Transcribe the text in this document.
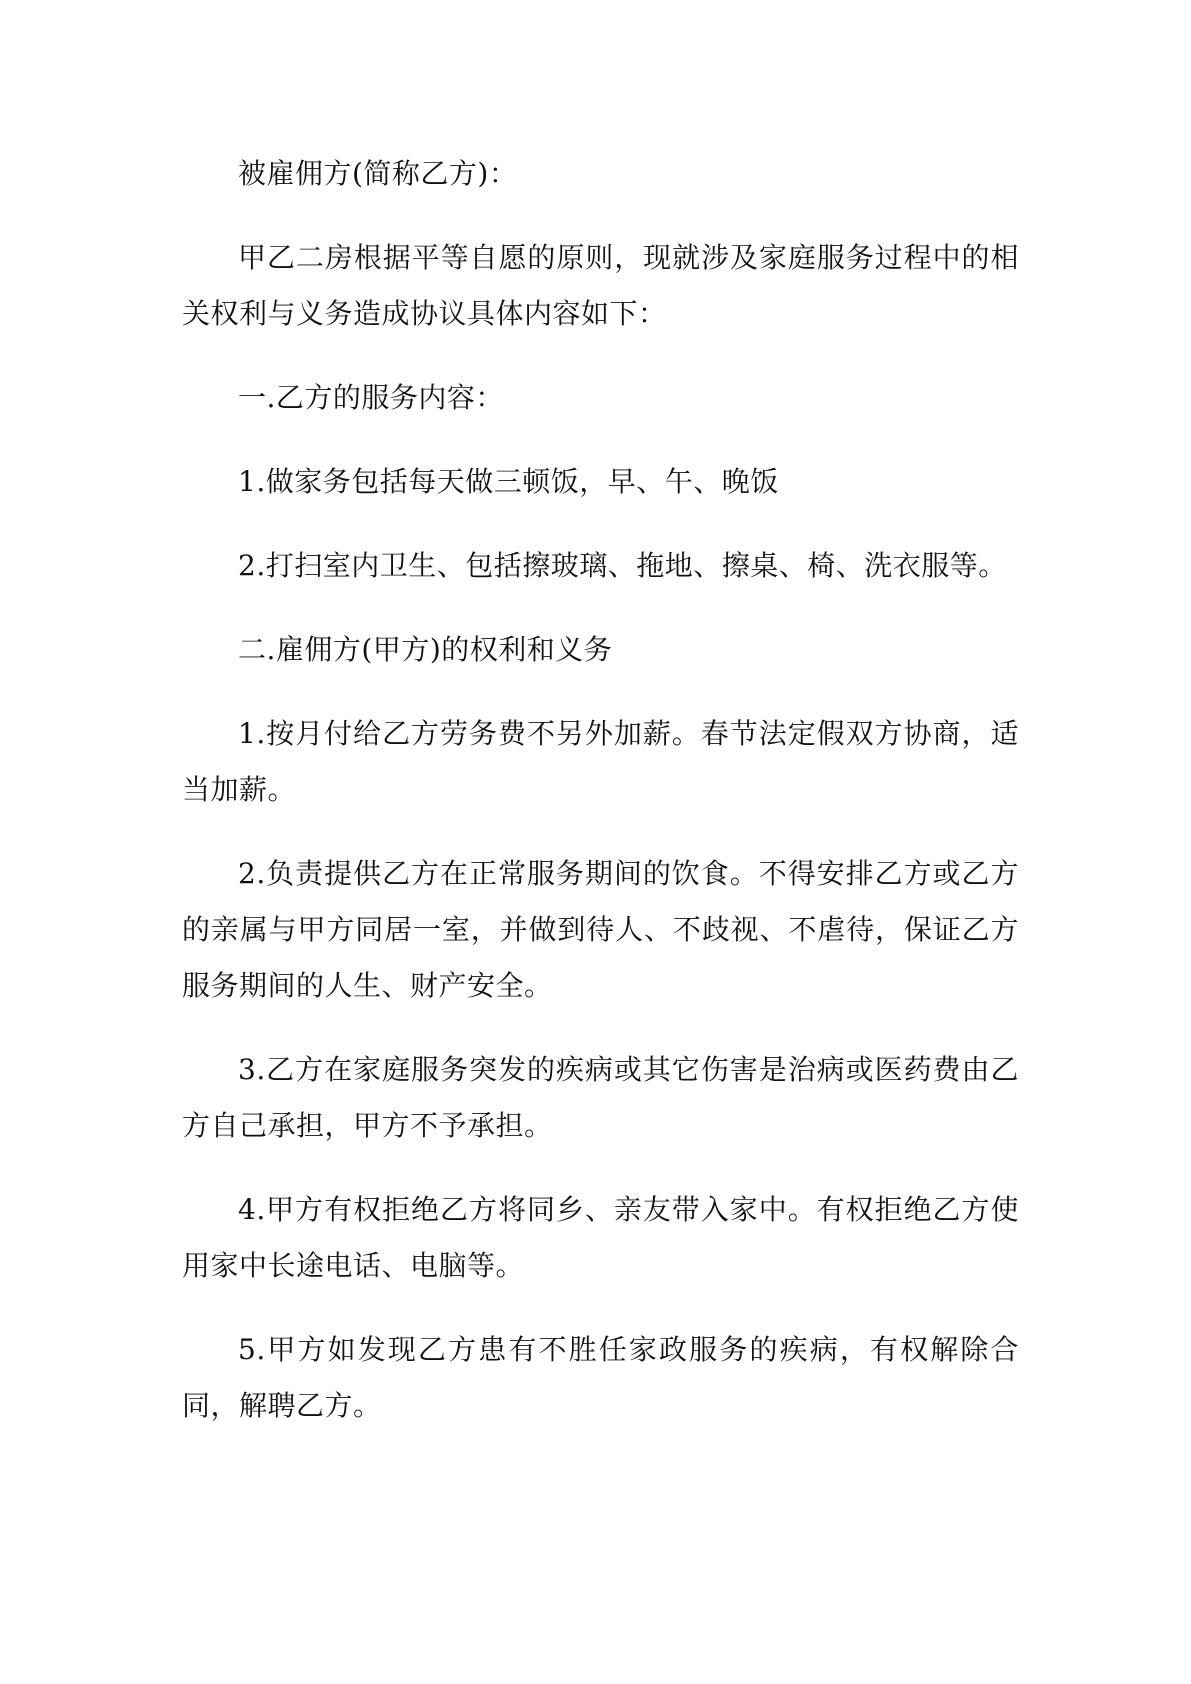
被雇佣方(简称乙方)：

甲乙二房根据平等自愿的原则，现就涉及家庭服务过程中的相关权利与义务造成协议具体内容如下：

一.乙方的服务内容：

1.做家务包括每天做三顿饭，早、午、晚饭

2.打扫室内卫生、包括擦玻璃、拖地、擦桌、椅、洗衣服等。

二.雇佣方(甲方)的权利和义务

1.按月付给乙方劳务费不另外加薪。春节法定假双方协商，适当加薪。

2.负责提供乙方在正常服务期间的饮食。不得安排乙方或乙方的亲属与甲方同居一室，并做到待人、不歧视、不虐待，保证乙方服务期间的人生、财产安全。

3.乙方在家庭服务突发的疾病或其它伤害是治病或医药费由乙方自己承担，甲方不予承担。

4.甲方有权拒绝乙方将同乡、亲友带入家中。有权拒绝乙方使用家中长途电话、电脑等。

5.甲方如发现乙方患有不胜任家政服务的疾病，有权解除合同，解聘乙方。
